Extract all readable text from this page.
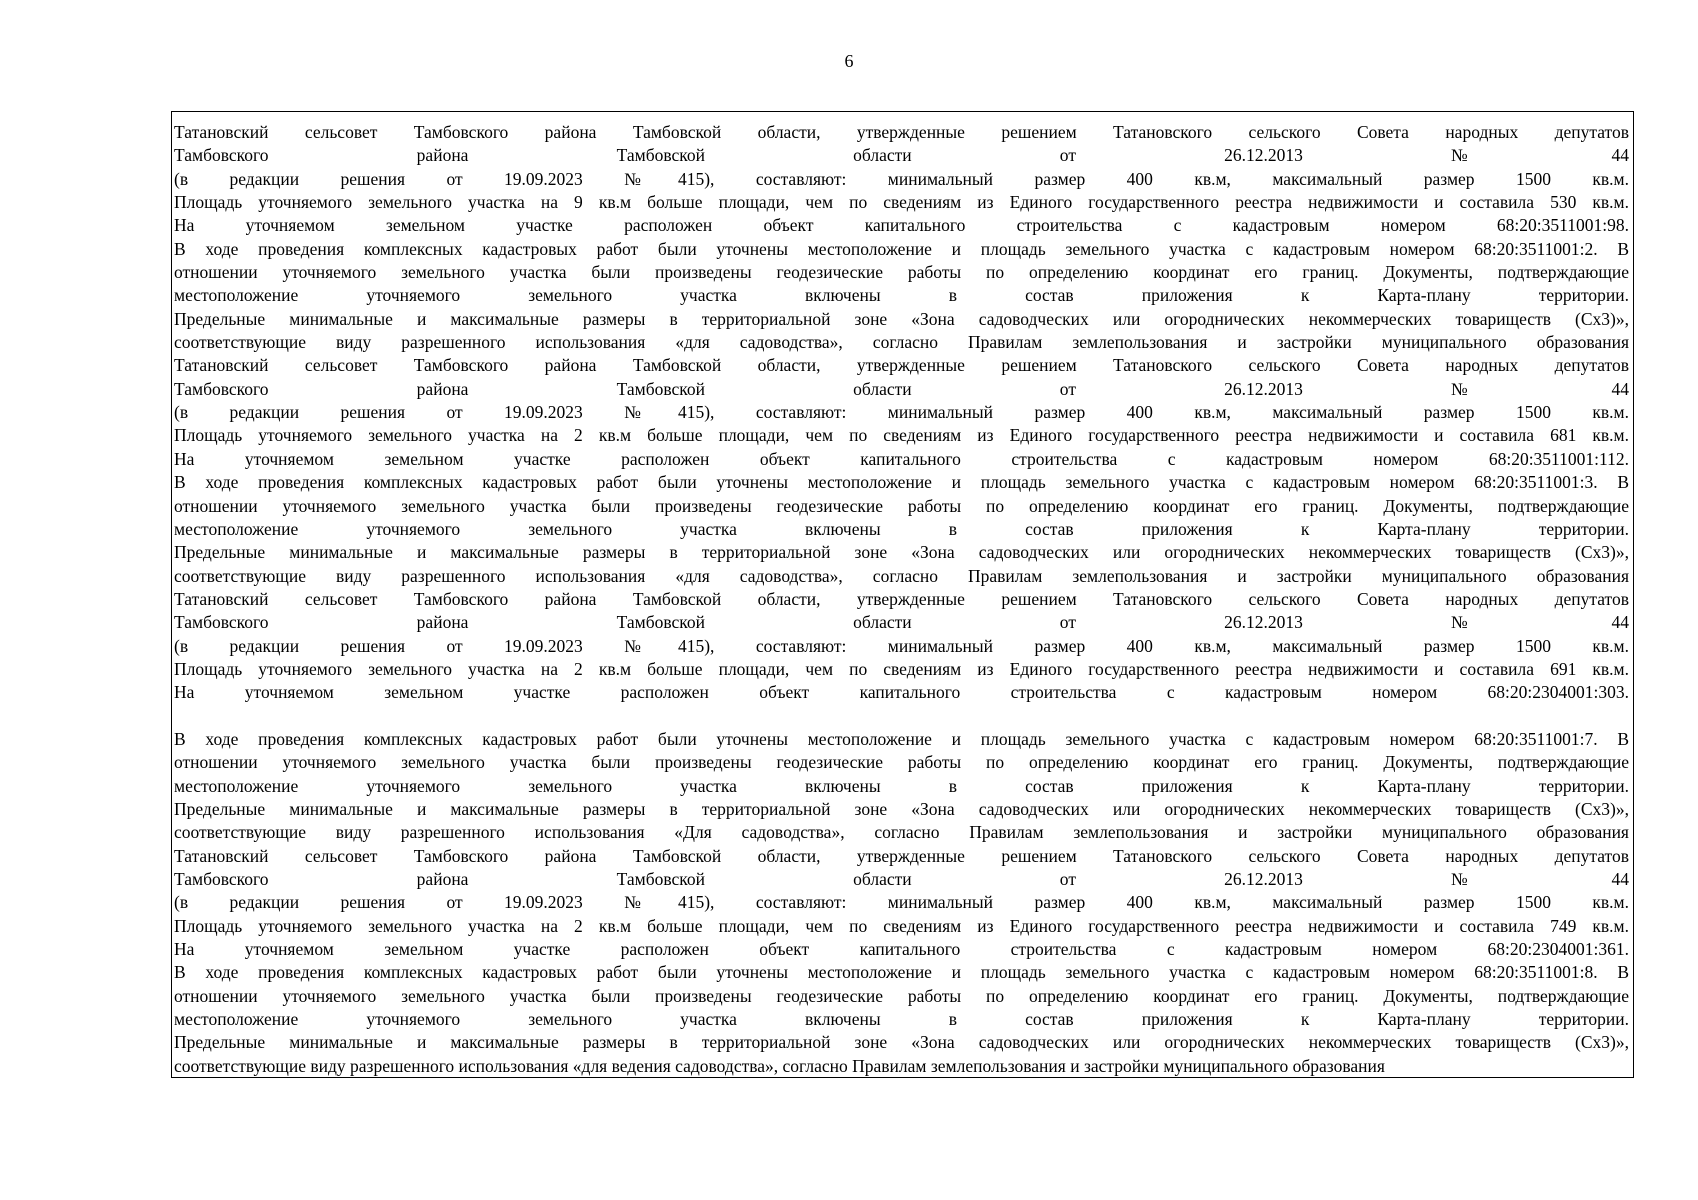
6
Татановский сельсовет Тамбовского района Тамбовской области, утвержденные решением Татановского сельского Совета народных депутатов
Тамбовского района Тамбовской области от 26.12.2013 №44
(в редакции решения от 19.09.2023 №415), составляют: минимальный размер 400 кв.м, максимальный размер 1500 кв.м.
Площадь уточняемого земельного участка на 9 кв.м больше площади, чем по сведениям из Единого государственного реестра недвижимости и составила 530 кв.м.
На уточняемом земельном участке расположен объект капитального строительства с кадастровым номером 68:20:3511001:98.
В ходе проведения комплексных кадастровых работ были уточнены местоположение и площадь земельного участка с кадастровым номером 68:20:3511001:2. В
отношении уточняемого земельного участка были произведены геодезические работы по определению координат его границ. Документы, подтверждающие
местоположение уточняемого земельного участка включены в состав приложения к Карта-плану территории.
Предельные минимальные и максимальные размеры в территориальной зоне «Зона садоводческих или огороднических некоммерческих товариществ (Сх3)»,
соответствующие виду разрешенного использования «для садоводства», согласно Правилам землепользования и застройки муниципального образования
Татановский сельсовет Тамбовского района Тамбовской области, утвержденные решением Татановского сельского Совета народных депутатов
Тамбовского района Тамбовской области от 26.12.2013 №44
(в редакции решения от 19.09.2023 №415), составляют: минимальный размер 400 кв.м, максимальный размер 1500 кв.м.
Площадь уточняемого земельного участка на 2 кв.м больше площади, чем по сведениям из Единого государственного реестра недвижимости и составила 681 кв.м.
На уточняемом земельном участке расположен объект капитального строительства с кадастровым номером 68:20:3511001:112.
В ходе проведения комплексных кадастровых работ были уточнены местоположение и площадь земельного участка с кадастровым номером 68:20:3511001:3. В
отношении уточняемого земельного участка были произведены геодезические работы по определению координат его границ. Документы, подтверждающие
местоположение уточняемого земельного участка включены в состав приложения к Карта-плану территории.
Предельные минимальные и максимальные размеры в территориальной зоне «Зона садоводческих или огороднических некоммерческих товариществ (Сх3)»,
соответствующие виду разрешенного использования «для садоводства», согласно Правилам землепользования и застройки муниципального образования
Татановский сельсовет Тамбовского района Тамбовской области, утвержденные решением Татановского сельского Совета народных депутатов
Тамбовского района Тамбовской области от 26.12.2013 №44
(в редакции решения от 19.09.2023 №415), составляют: минимальный размер 400 кв.м, максимальный размер 1500 кв.м.
Площадь уточняемого земельного участка на 2 кв.м больше площади, чем по сведениям из Единого государственного реестра недвижимости и составила 691 кв.м.
На уточняемом земельном участке расположен объект капитального строительства с кадастровым номером 68:20:2304001:303.
В ходе проведения комплексных кадастровых работ были уточнены местоположение и площадь земельного участка с кадастровым номером 68:20:3511001:7. В
отношении уточняемого земельного участка были произведены геодезические работы по определению координат его границ. Документы, подтверждающие
местоположение уточняемого земельного участка включены в состав приложения к Карта-плану территории.
Предельные минимальные и максимальные размеры в территориальной зоне «Зона садоводческих или огороднических некоммерческих товариществ (Сх3)»,
соответствующие виду разрешенного использования «Для садоводства», согласно Правилам землепользования и застройки муниципального образования
Татановский сельсовет Тамбовского района Тамбовской области, утвержденные решением Татановского сельского Совета народных депутатов
Тамбовского района Тамбовской области от 26.12.2013 №44
(в редакции решения от 19.09.2023 №415), составляют: минимальный размер 400 кв.м, максимальный размер 1500 кв.м.
Площадь уточняемого земельного участка на 2 кв.м больше площади, чем по сведениям из Единого государственного реестра недвижимости и составила 749 кв.м.
На уточняемом земельном участке расположен объект капитального строительства с кадастровым номером 68:20:2304001:361.
В ходе проведения комплексных кадастровых работ были уточнены местоположение и площадь земельного участка с кадастровым номером 68:20:3511001:8. В
отношении уточняемого земельного участка были произведены геодезические работы по определению координат его границ. Документы, подтверждающие
местоположение уточняемого земельного участка включены в состав приложения к Карта-плану территории.
Предельные минимальные и максимальные размеры в территориальной зоне «Зона садоводческих или огороднических некоммерческих товариществ (Сх3)»,
соответствующие виду разрешенного использования «для ведения садоводства», согласно Правилам землепользования и застройки муниципального образования
